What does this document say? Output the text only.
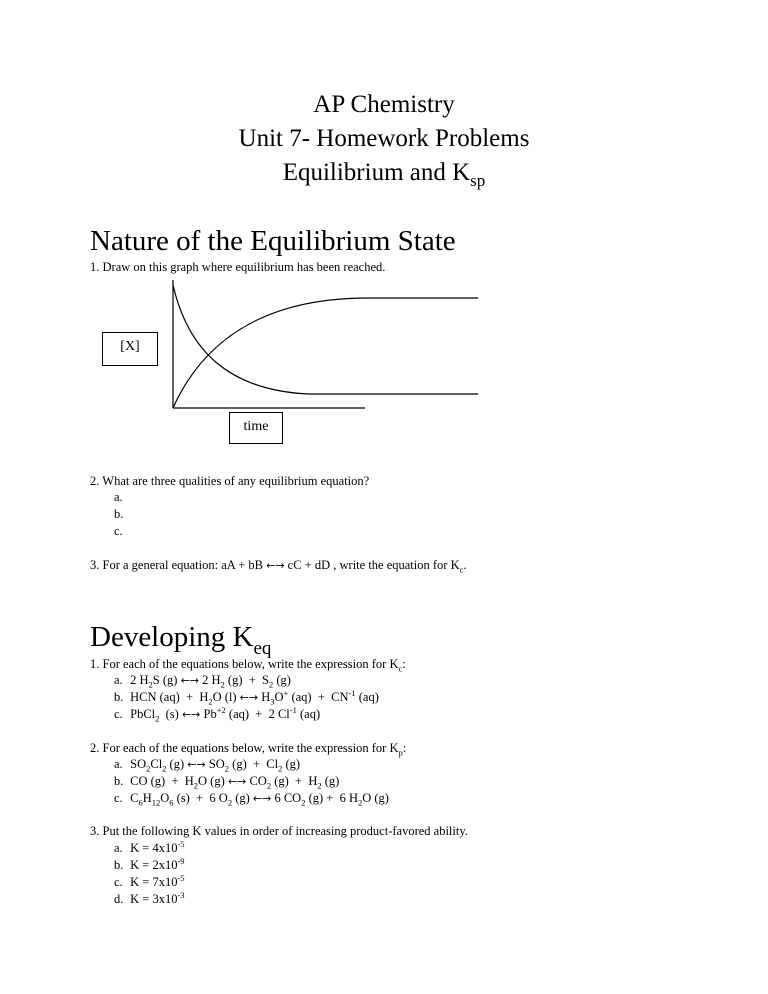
AP Chemistry
Unit 7- Homework Problems
Equilibrium and $K_{sp}$
Nature of the Equilibrium State
1. Draw on this graph where equilibrium has been reached.
[X]
time
2. What are three qualities of any equilibrium equation?
a.
b.
c.
3. For a general equation: aA + bB ←→ cC + dD , write the equation for $K_c$.
Developing $K_{eq}$
1. For each of the equations below, write the expression for $K_c$:
a. 2 $H_2S$ (g) ←→ 2 $H_2$ $(g) + S_2$ (g)
b. HCN $(aq) + H_2O$ (l) ←→ $H_3O^+$ $(aq) + CN^{-1}$ (aq)
c. PbCl$_2$  (s) ←→ $Pb^{+2}$ (aq)  +  2 $Cl^{-1}$ (aq)
2. For each of the equations below, write the expression for $K_p$:
a. $SO_2Cl_2$ (g) ←→ $SO_2$ $(g) + Cl_2$ (g)
b. CO $(g) + H_2O$ (g) ←→ $CO_2$ $(g) + H_2$ (g)
c. $C_6H_{12}O_6$ (s)  +  6 $O_2$ (g) ←→ 6 $CO_2$ (g) +  6 $H_2O$ (g)
3. Put the following K values in order of increasing product-favored ability.
a. $K = 4x10^{-5}$
b. $K = 2x10^{-9}$
c. $K = 7x10^{-5}$
d. $K = 3x10^{-3}$
